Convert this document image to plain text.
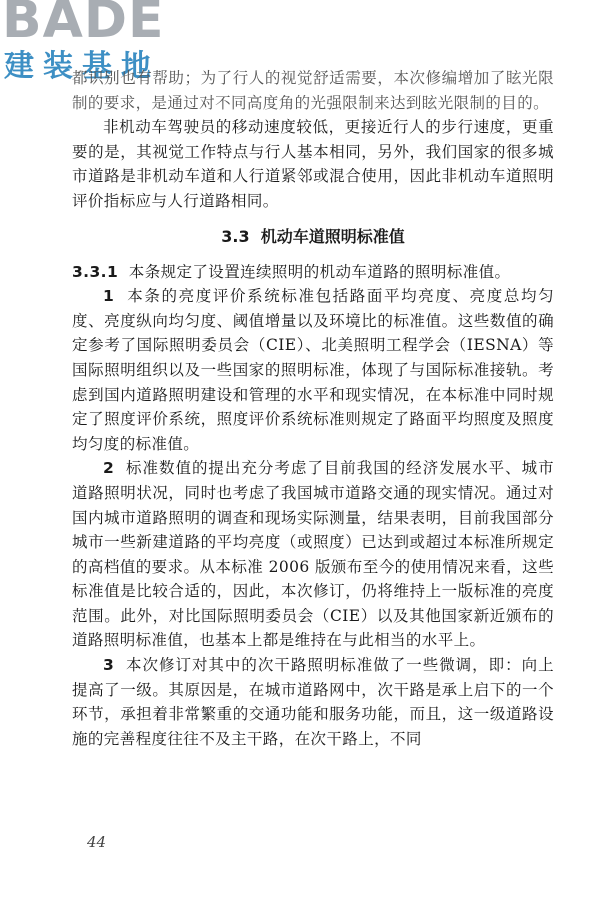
BADE
建装基地

都识别也有帮助；为了行人的视觉舒适需要，本次修编增加了眩光限制的要求，是通过对不同高度角的光强限制来达到眩光限制的目的。

非机动车驾驶员的移动速度较低，更接近行人的步行速度，更重要的是，其视觉工作特点与行人基本相同，另外，我们国家的很多城市道路是非机动车道和人行道紧邻或混合使用，因此非机动车道照明评价指标应与人行道路相同。

3.3 机动车道照明标准值

3.3.1 本条规定了设置连续照明的机动车道路的照明标准值。

1 本条的亮度评价系统标准包括路面平均亮度、亮度总均匀度、亮度纵向均匀度、阈值增量以及环境比的标准值。这些数值的确定参考了国际照明委员会（CIE）、北美照明工程学会（IESNA）等国际照明组织以及一些国家的照明标准，体现了与国际标准接轨。考虑到国内道路照明建设和管理的水平和现实情况，在本标准中同时规定了照度评价系统，照度评价系统标准则规定了路面平均照度及照度均匀度的标准值。

2 标准数值的提出充分考虑了目前我国的经济发展水平、城市道路照明状况，同时也考虑了我国城市道路交通的现实情况。通过对国内城市道路照明的调查和现场实际测量，结果表明，目前我国部分城市一些新建道路的平均亮度（或照度）已达到或超过本标准所规定的高档值的要求。从本标准 2006 版颁布至今的使用情况来看，这些标准值是比较合适的，因此，本次修订，仍将维持上一版标准的亮度范围。此外，对比国际照明委员会（CIE）以及其他国家新近颁布的道路照明标准值，也基本上都是维持在与此相当的水平上。

3 本次修订对其中的次干路照明标准做了一些微调，即：向上提高了一级。其原因是，在城市道路网中，次干路是承上启下的一个环节，承担着非常繁重的交通功能和服务功能，而且，这一级道路设施的完善程度往往不及主干路，在次干路上，不同

44
